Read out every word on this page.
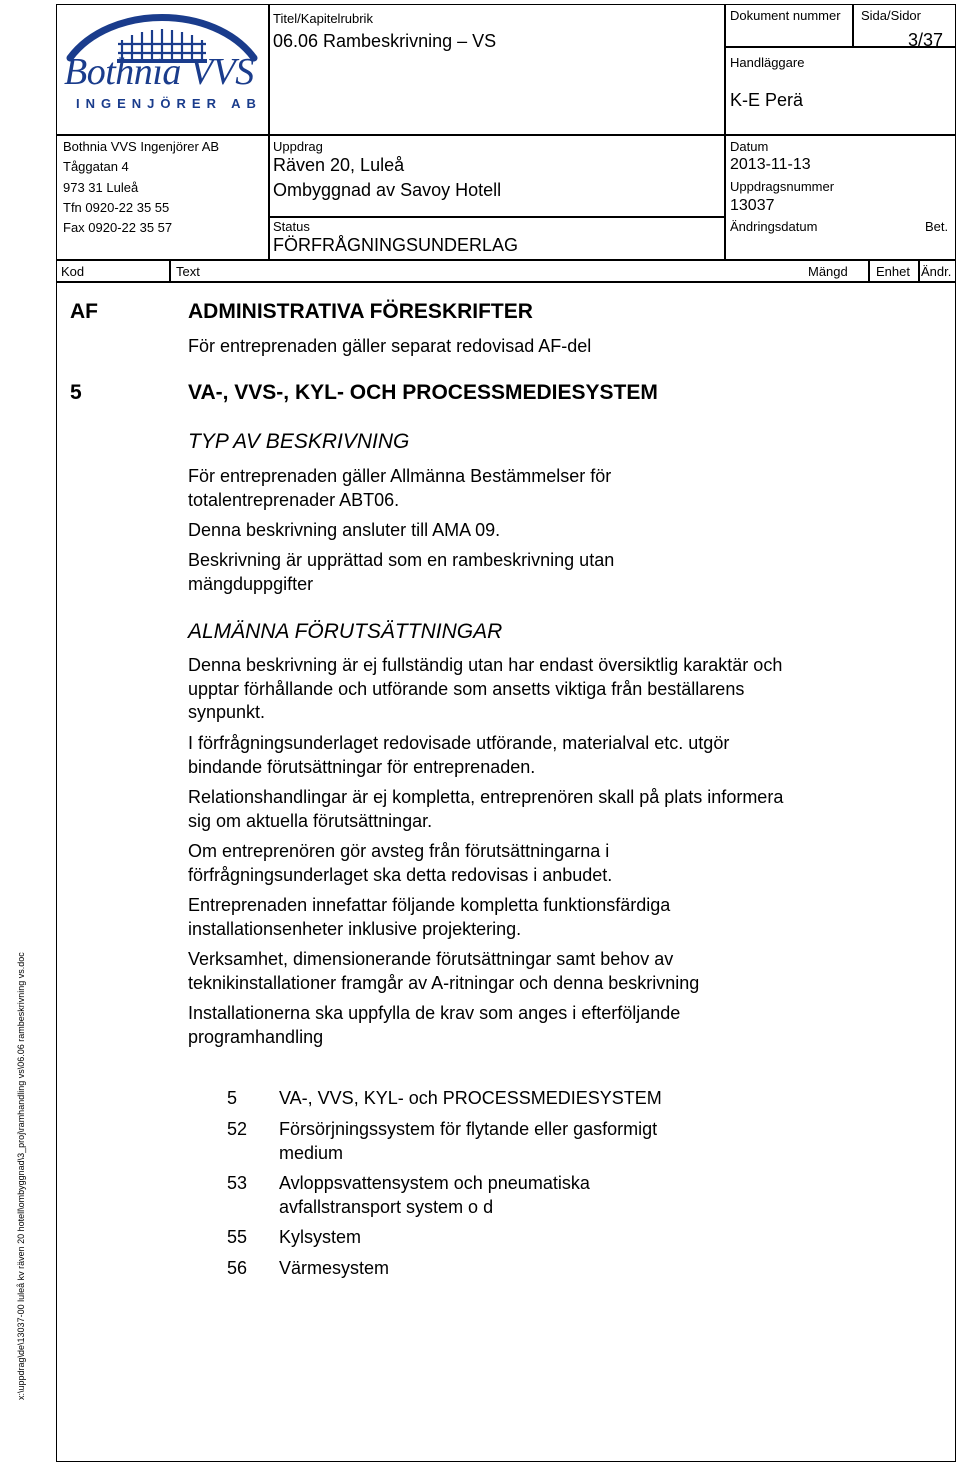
Bothnia VVS
INGENJÖRER AB
Titel/Kapitelrubrik
06.06 Rambeskrivning – VS
Dokument nummer Sida/Sidor
3/37
Handläggare
K-E Perä
Bothnia VVS Ingenjörer AB
Tåggatan 4
973 31 Luleå
Tfn 0920-22 35 55
Fax 0920-22 35 57
Uppdrag
Räven 20, Luleå
Ombyggnad av Savoy Hotell
Status
FÖRFRÅGNINGSUNDERLAG
Datum
2013-11-13
Uppdragsnummer
13037
Ändringsdatum	Bet.
Kod	Text	Mängd Enhet Ändr.
AF	ADMINISTRATIVA FÖRESKRIFTER
För entreprenaden gäller separat redovisad AF-del
5	VA-, VVS-, KYL- OCH PROCESSMEDIESYSTEM
TYP AV BESKRIVNING
För entreprenaden gäller Allmänna Bestämmelser för totalentreprenader ABT06.
Denna beskrivning ansluter till AMA 09.
Beskrivning är upprättad som en rambeskrivning utan mängduppgifter
ALMÄNNA FÖRUTSÄTTNINGAR
Denna beskrivning är ej fullständig utan har endast översiktlig karaktär och upptar förhållande och utförande som ansetts viktiga från beställarens synpunkt.
I förfrågningsunderlaget redovisade utförande, materialval etc. utgör bindande förutsättningar för entreprenaden.
Relationshandlingar är ej kompletta, entreprenören skall på plats informera sig om aktuella förutsättningar.
Om entreprenören gör avsteg från förutsättningarna i förfrågningsunderlaget ska detta redovisas i anbudet.
Entreprenaden innefattar följande kompletta funktionsfärdiga installationsenheter inklusive projektering.
Verksamhet, dimensionerande förutsättningar samt behov av teknikinstallationer framgår av A-ritningar och denna beskrivning
Installationerna ska uppfylla de krav som anges i efterföljande programhandling
5 VA-, VVS, KYL- och PROCESSMEDIESYSTEM
52 Försörjningssystem för flytande eller gasformigt medium
53 Avloppsvattensystem och pneumatiska avfallstransport system o d
55 Kylsystem
56 Värmesystem
x:\uppdrag\de\13037-00 luleå kv räven 20 hotell\ombyggnad\3_proj\ramhandling vs\06.06 rambeskrivning vs.doc
